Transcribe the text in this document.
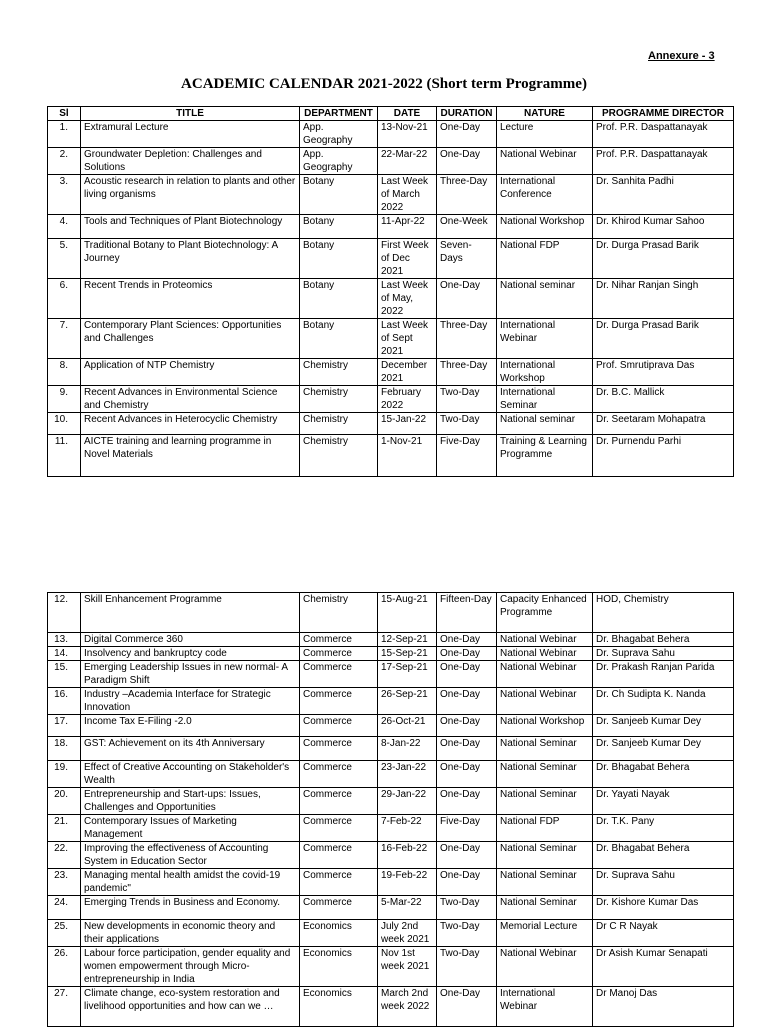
Annexure - 3
ACADEMIC CALENDAR 2021-2022 (Short term Programme)
Sl	TITLE	DEPARTMENT	DATE	DURATION	NATURE	PROGRAMME DIRECTOR
1.	Extramural Lecture	App. Geography	13-Nov-21	One-Day	Lecture	Prof. P.R. Daspattanayak
2.	Groundwater Depletion: Challenges and Solutions	App. Geography	22-Mar-22	One-Day	National Webinar	Prof. P.R. Daspattanayak
3.	Acoustic research in relation to plants and other living organisms	Botany	Last Week of March 2022	Three-Day	International Conference	Dr. Sanhita Padhi
4.	Tools and Techniques of Plant Biotechnology	Botany	11-Apr-22	One-Week	National Workshop	Dr. Khirod Kumar Sahoo
5.	Traditional Botany to Plant Biotechnology: A Journey	Botany	First Week of Dec 2021	Seven-Days	National FDP	Dr. Durga Prasad Barik
6.	Recent Trends in Proteomics	Botany	Last Week of May, 2022	One-Day	National seminar	Dr. Nihar Ranjan Singh
7.	Contemporary Plant Sciences: Opportunities and Challenges	Botany	Last Week of Sept 2021	Three-Day	International Webinar	Dr. Durga Prasad Barik
8.	Application of NTP Chemistry	Chemistry	December 2021	Three-Day	International Workshop	Prof. Smrutiprava Das
9.	Recent Advances in Environmental Science and Chemistry	Chemistry	February 2022	Two-Day	International Seminar	Dr. B.C. Mallick
10.	Recent Advances in Heterocyclic Chemistry	Chemistry	15-Jan-22	Two-Day	National seminar	Dr. Seetaram Mohapatra
11.	AICTE training and learning programme in Novel Materials	Chemistry	1-Nov-21	Five-Day	Training & Learning Programme	Dr. Purnendu Parhi
12.	Skill Enhancement Programme	Chemistry	15-Aug-21	Fifteen-Day	Capacity Enhanced Programme	HOD, Chemistry
13.	Digital Commerce 360	Commerce	12-Sep-21	One-Day	National Webinar	Dr. Bhagabat Behera
14.	Insolvency and bankruptcy code	Commerce	15-Sep-21	One-Day	National Webinar	Dr. Suprava Sahu
15.	Emerging Leadership Issues in new normal- A Paradigm Shift	Commerce	17-Sep-21	One-Day	National Webinar	Dr. Prakash Ranjan Parida
16.	Industry –Academia Interface for Strategic Innovation	Commerce	26-Sep-21	One-Day	National Webinar	Dr. Ch Sudipta K. Nanda
17.	Income Tax E-Filing -2.0	Commerce	26-Oct-21	One-Day	National Workshop	Dr. Sanjeeb Kumar Dey
18.	GST: Achievement on its 4th Anniversary	Commerce	8-Jan-22	One-Day	National Seminar	Dr. Sanjeeb Kumar Dey
19.	Effect of Creative Accounting on Stakeholder's Wealth	Commerce	23-Jan-22	One-Day	National Seminar	Dr. Bhagabat Behera
20.	Entrepreneurship and Start-ups: Issues, Challenges and Opportunities	Commerce	29-Jan-22	One-Day	National Seminar	Dr. Yayati Nayak
21.	Contemporary Issues of Marketing Management	Commerce	7-Feb-22	Five-Day	National FDP	Dr. T.K. Pany
22.	Improving the effectiveness of Accounting System in Education Sector	Commerce	16-Feb-22	One-Day	National Seminar	Dr. Bhagabat Behera
23.	Managing mental health amidst the covid-19 pandemic"	Commerce	19-Feb-22	One-Day	National Seminar	Dr. Suprava Sahu
24.	Emerging Trends in Business and Economy.	Commerce	5-Mar-22	Two-Day	National Seminar	Dr. Kishore Kumar Das
25.	New developments in economic theory and their applications	Economics	July 2nd week 2021	Two-Day	Memorial Lecture	Dr C R Nayak
26.	Labour force participation, gender equality and women empowerment through Micro-entrepreneurship in India	Economics	Nov 1st week 2021	Two-Day	National Webinar	Dr Asish Kumar Senapati
27.	Climate change, eco-system restoration and livelihood opportunities and how can we …	Economics	March 2nd week 2022	One-Day	International Webinar	Dr Manoj Das
